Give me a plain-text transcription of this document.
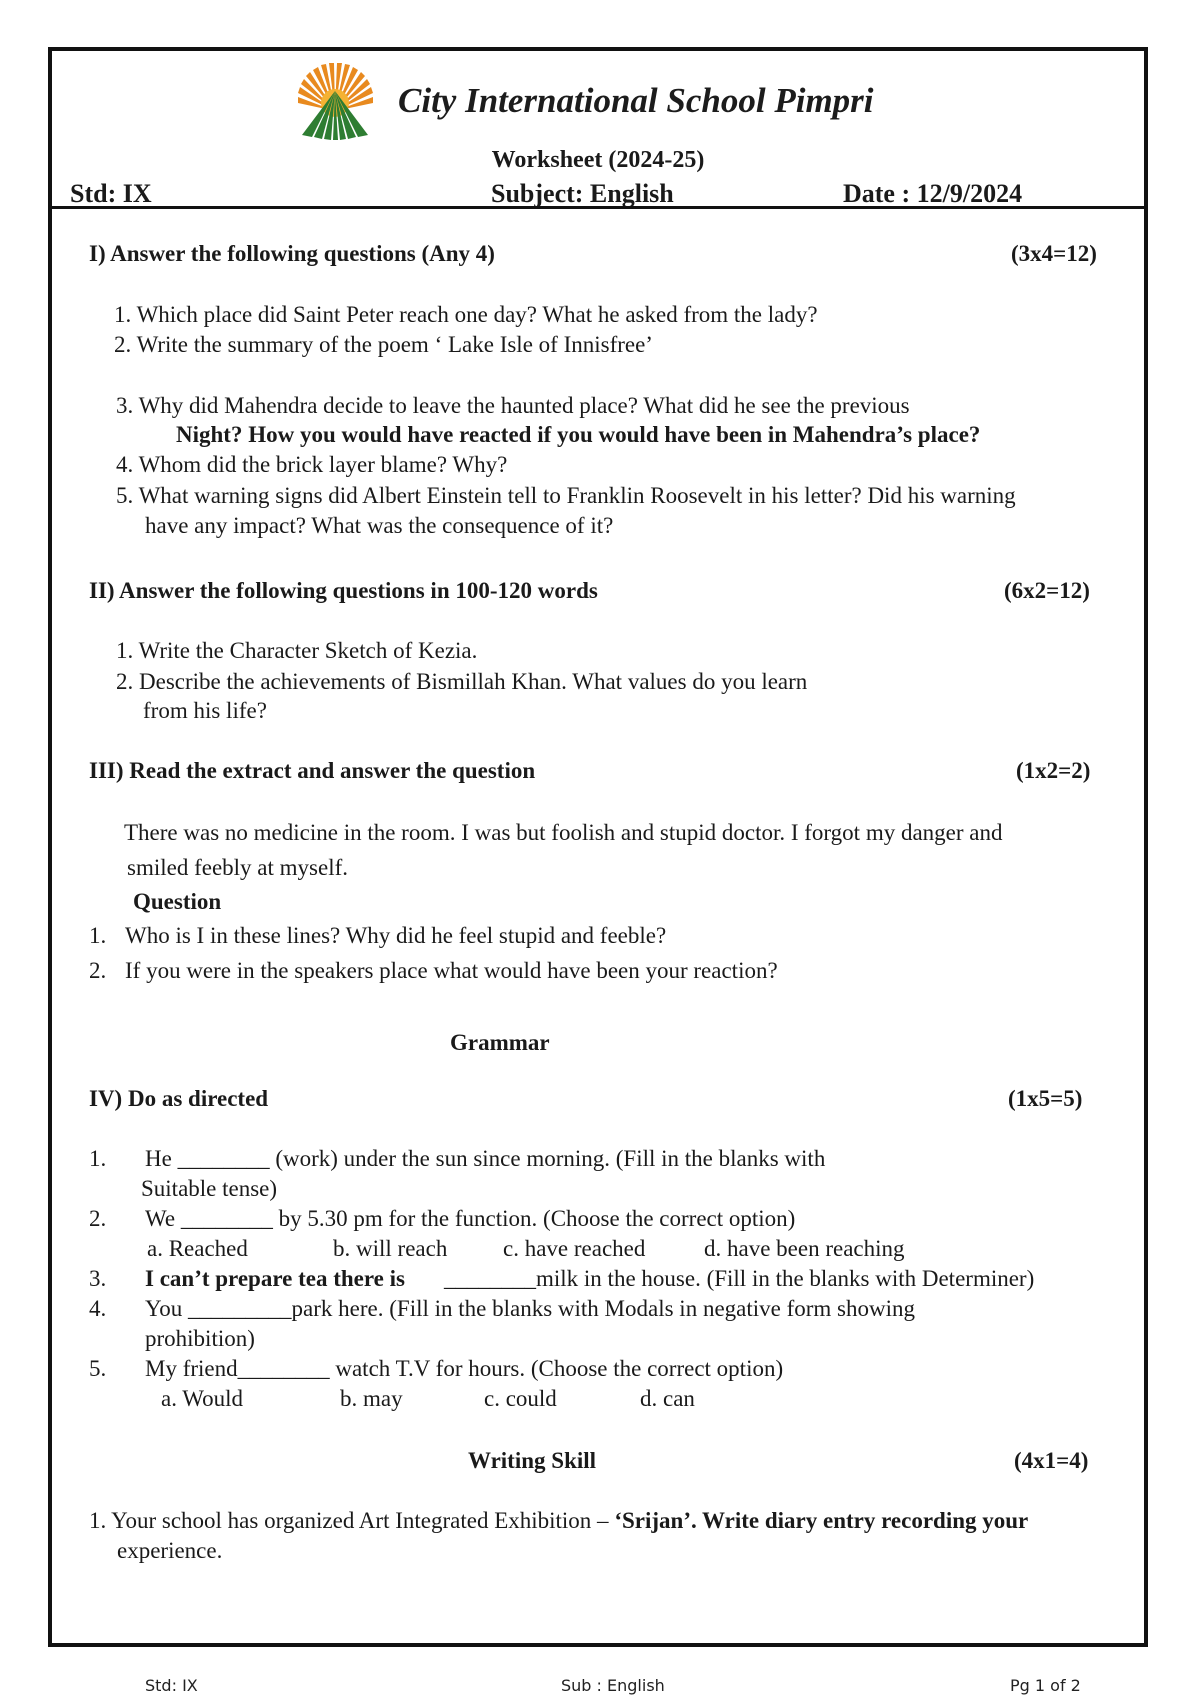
City International School Pimpri
Worksheet (2024-25)
Std: IX	Subject: English	Date : 12/9/2024
I) Answer the following questions (Any 4)	(3x4=12)
1. Which place did Saint Peter reach one day? What he asked from the lady?
2. Write the summary of the poem ‘ Lake Isle of Innisfree’
3. Why did Mahendra decide to leave the haunted place? What did he see the previous
Night? How you would have reacted if you would have been in Mahendra’s place?
4. Whom did the brick layer blame? Why?
5. What warning signs did Albert Einstein tell to Franklin Roosevelt in his letter? Did his warning
have any impact? What was the consequence of it?
II) Answer the following questions in 100-120 words	(6x2=12)
1. Write the Character Sketch of Kezia.
2. Describe the achievements of Bismillah Khan. What values do you learn
from his life?
III) Read the extract and answer the question	(1x2=2)
There was no medicine in the room. I was but foolish and stupid doctor. I forgot my danger and
smiled feebly at myself.
Question
1. Who is I in these lines? Why did he feel stupid and feeble?
2. If you were in the speakers place what would have been your reaction?
Grammar
IV) Do as directed	(1x5=5)
1. He ________ (work) under the sun since morning. (Fill in the blanks with
Suitable tense)
2. We ________ by 5.30 pm for the function. (Choose the correct option)
a. Reached	b. will reach c. have reached	d. have been reaching
3. I can’t prepare tea there is ________milk in the house. (Fill in the blanks with Determiner)
4. You _________park here. (Fill in the blanks with Modals in negative form showing
prohibition)
5. My friend________ watch T.V for hours. (Choose the correct option)
a. Would	b. may	c. could	d. can
Writing Skill	(4x1=4)
1. Your school has organized Art Integrated Exhibition – ‘Srijan’. Write diary entry recording your
experience.
Std: IX	Sub : English	Pg 1 of 2
